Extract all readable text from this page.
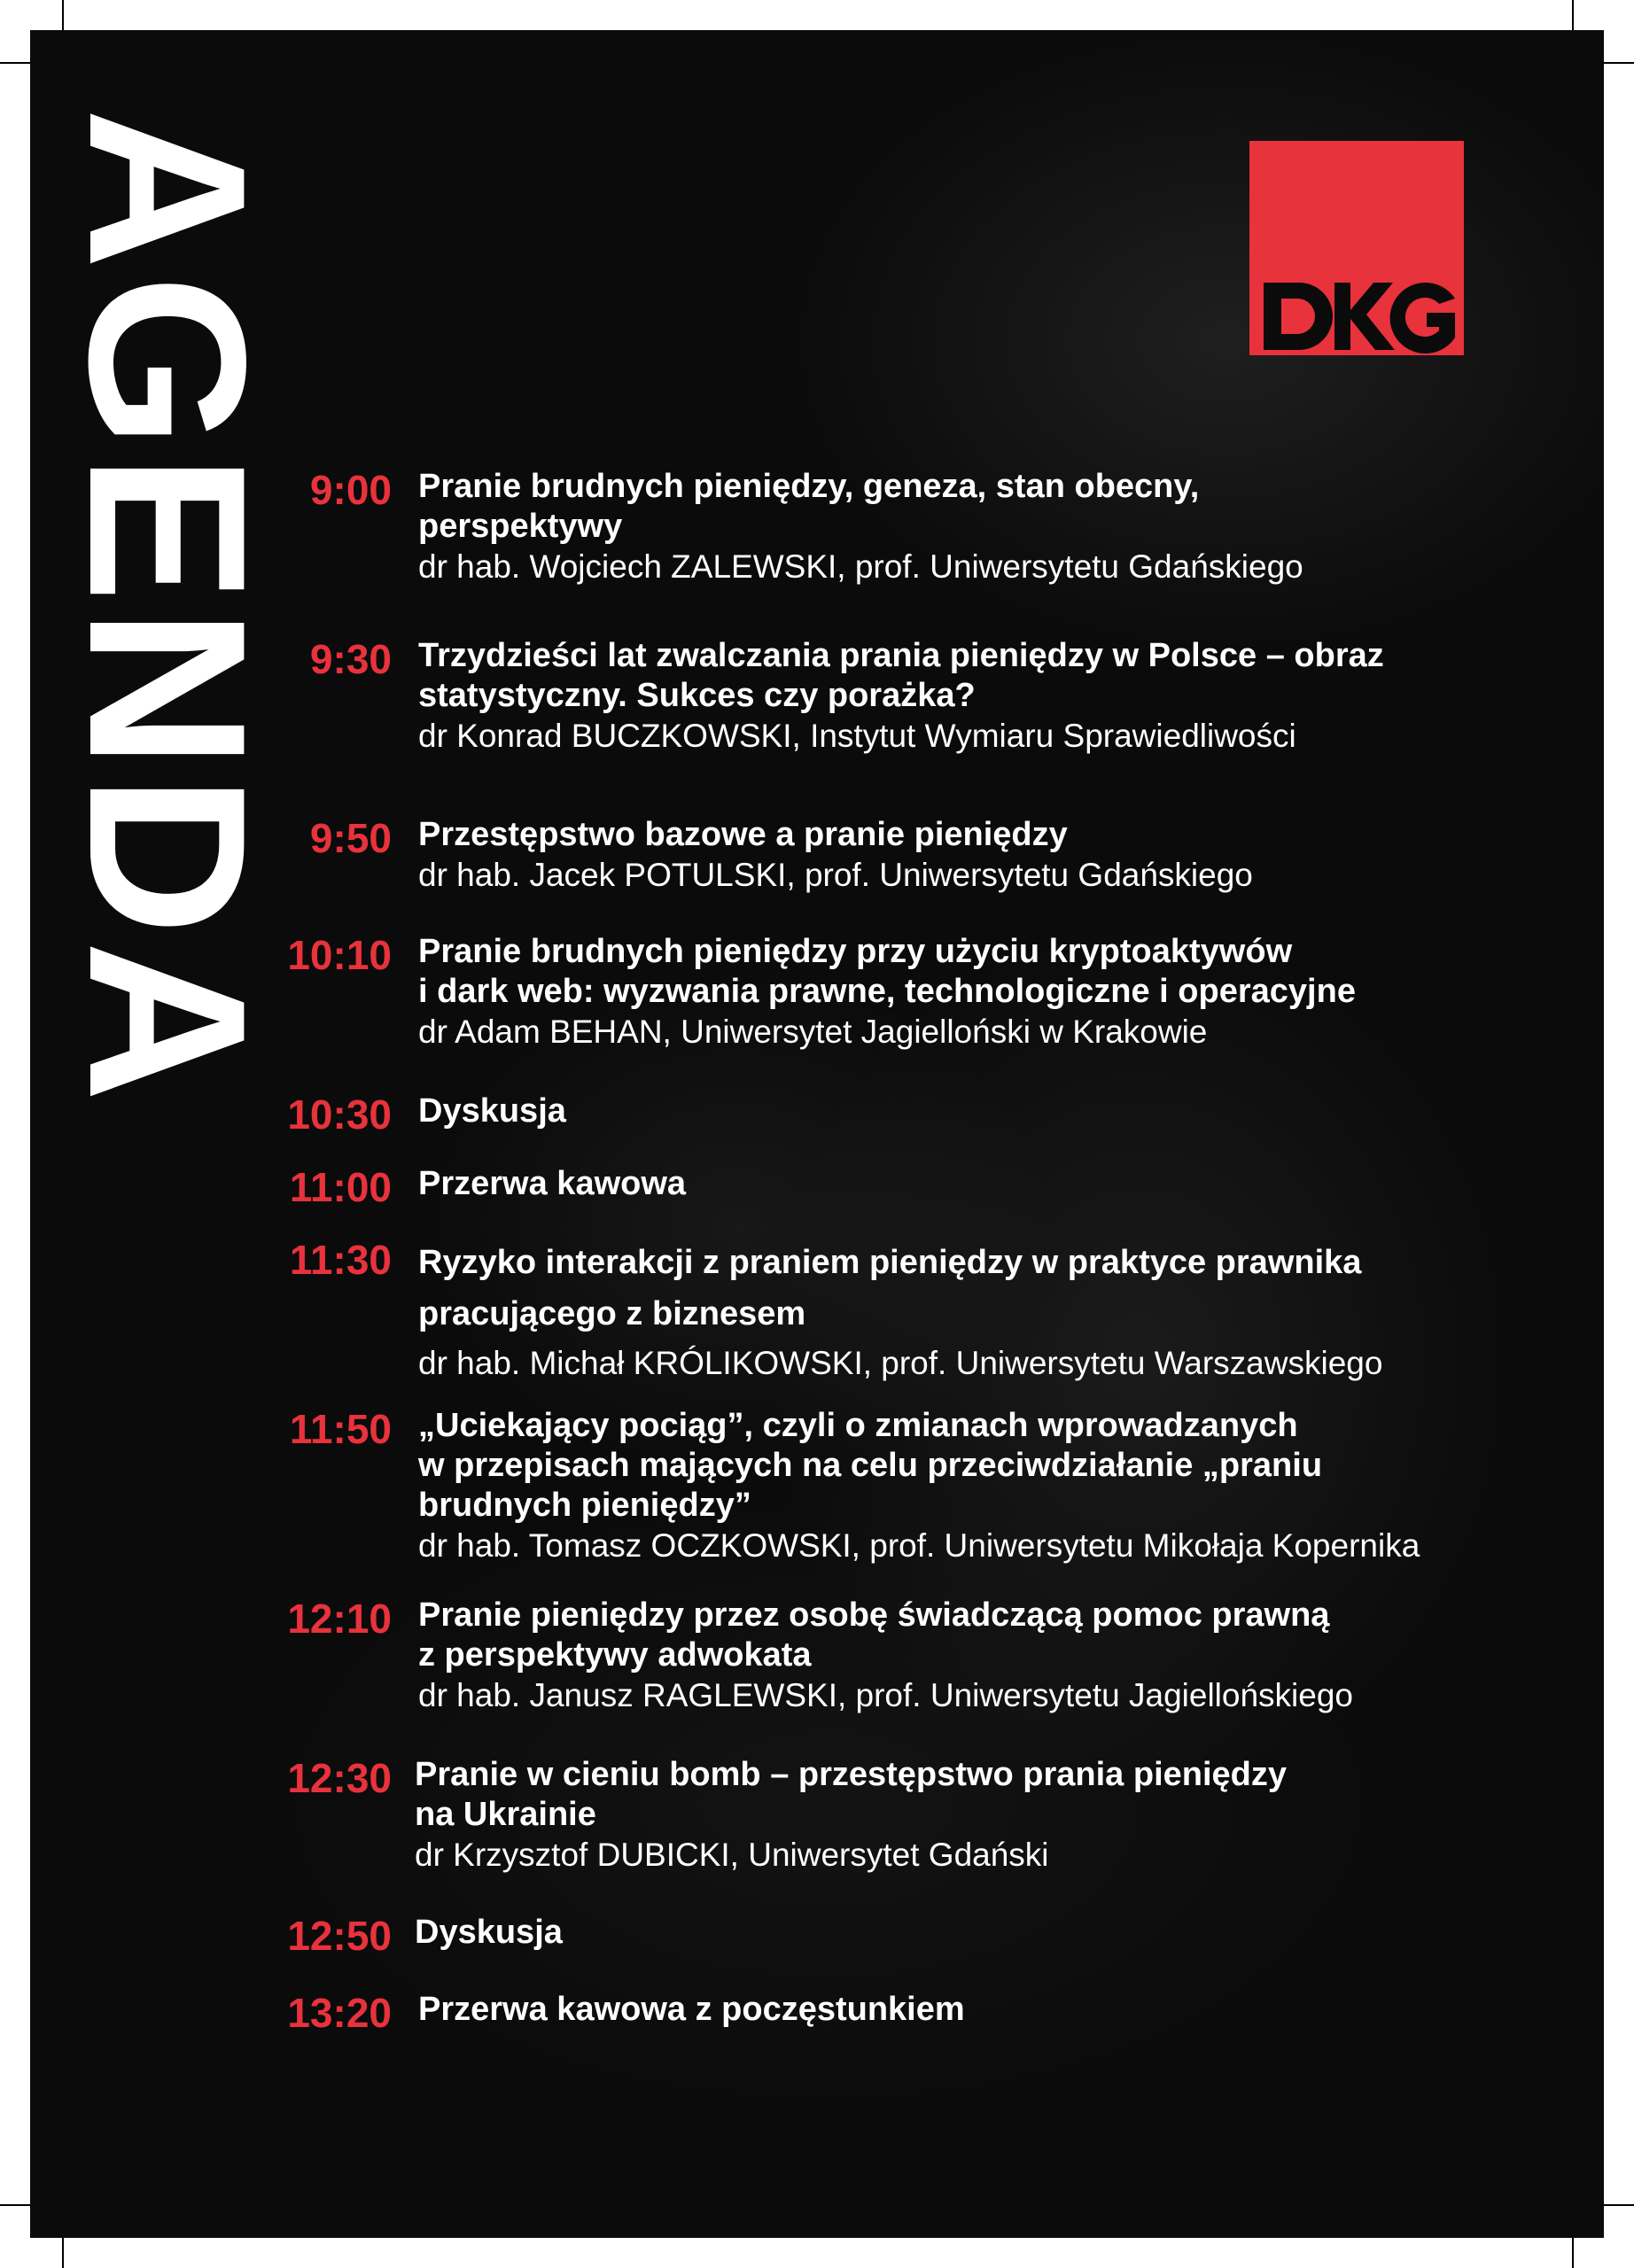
AGENDA 9:00 Pranie brudnych pieniędzy, geneza, stan obecny,
perspektywy
dr hab. Wojciech ZALEWSKI, prof. Uniwersytetu Gdańskiego
9:30 Trzydzieści lat zwalczania prania pieniędzy w Polsce – obraz
statystyczny. Sukces czy porażka?
dr Konrad BUCZKOWSKI, Instytut Wymiaru Sprawiedliwości
9:50 Przestępstwo bazowe a pranie pieniędzy
dr hab. Jacek POTULSKI, prof. Uniwersytetu Gdańskiego
10:10 Pranie brudnych pieniędzy przy użyciu kryptoaktywów
i dark web: wyzwania prawne, technologiczne i operacyjne
dr Adam BEHAN, Uniwersytet Jagielloński w Krakowie
10:30 Dyskusja
11:00 Przerwa kawowa
11:30 Ryzyko interakcji z praniem pieniędzy w praktyce prawnika
pracującego z biznesem
dr hab. Michał KRÓLIKOWSKI, prof. Uniwersytetu Warszawskiego
11:50 „Uciekający pociąg”, czyli o zmianach wprowadzanych
w przepisach mających na celu przeciwdziałanie „praniu
brudnych pieniędzy”
dr hab. Tomasz OCZKOWSKI, prof. Uniwersytetu Mikołaja Kopernika
12:10 Pranie pieniędzy przez osobę świadczącą pomoc prawną
z perspektywy adwokata
dr hab. Janusz RAGLEWSKI, prof. Uniwersytetu Jagiellońskiego
12:30 Pranie w cieniu bomb – przestępstwo prania pieniędzy
na Ukrainie
dr Krzysztof DUBICKI, Uniwersytet Gdański
12:50 Dyskusja
13:20 Przerwa kawowa z poczęstunkiem
